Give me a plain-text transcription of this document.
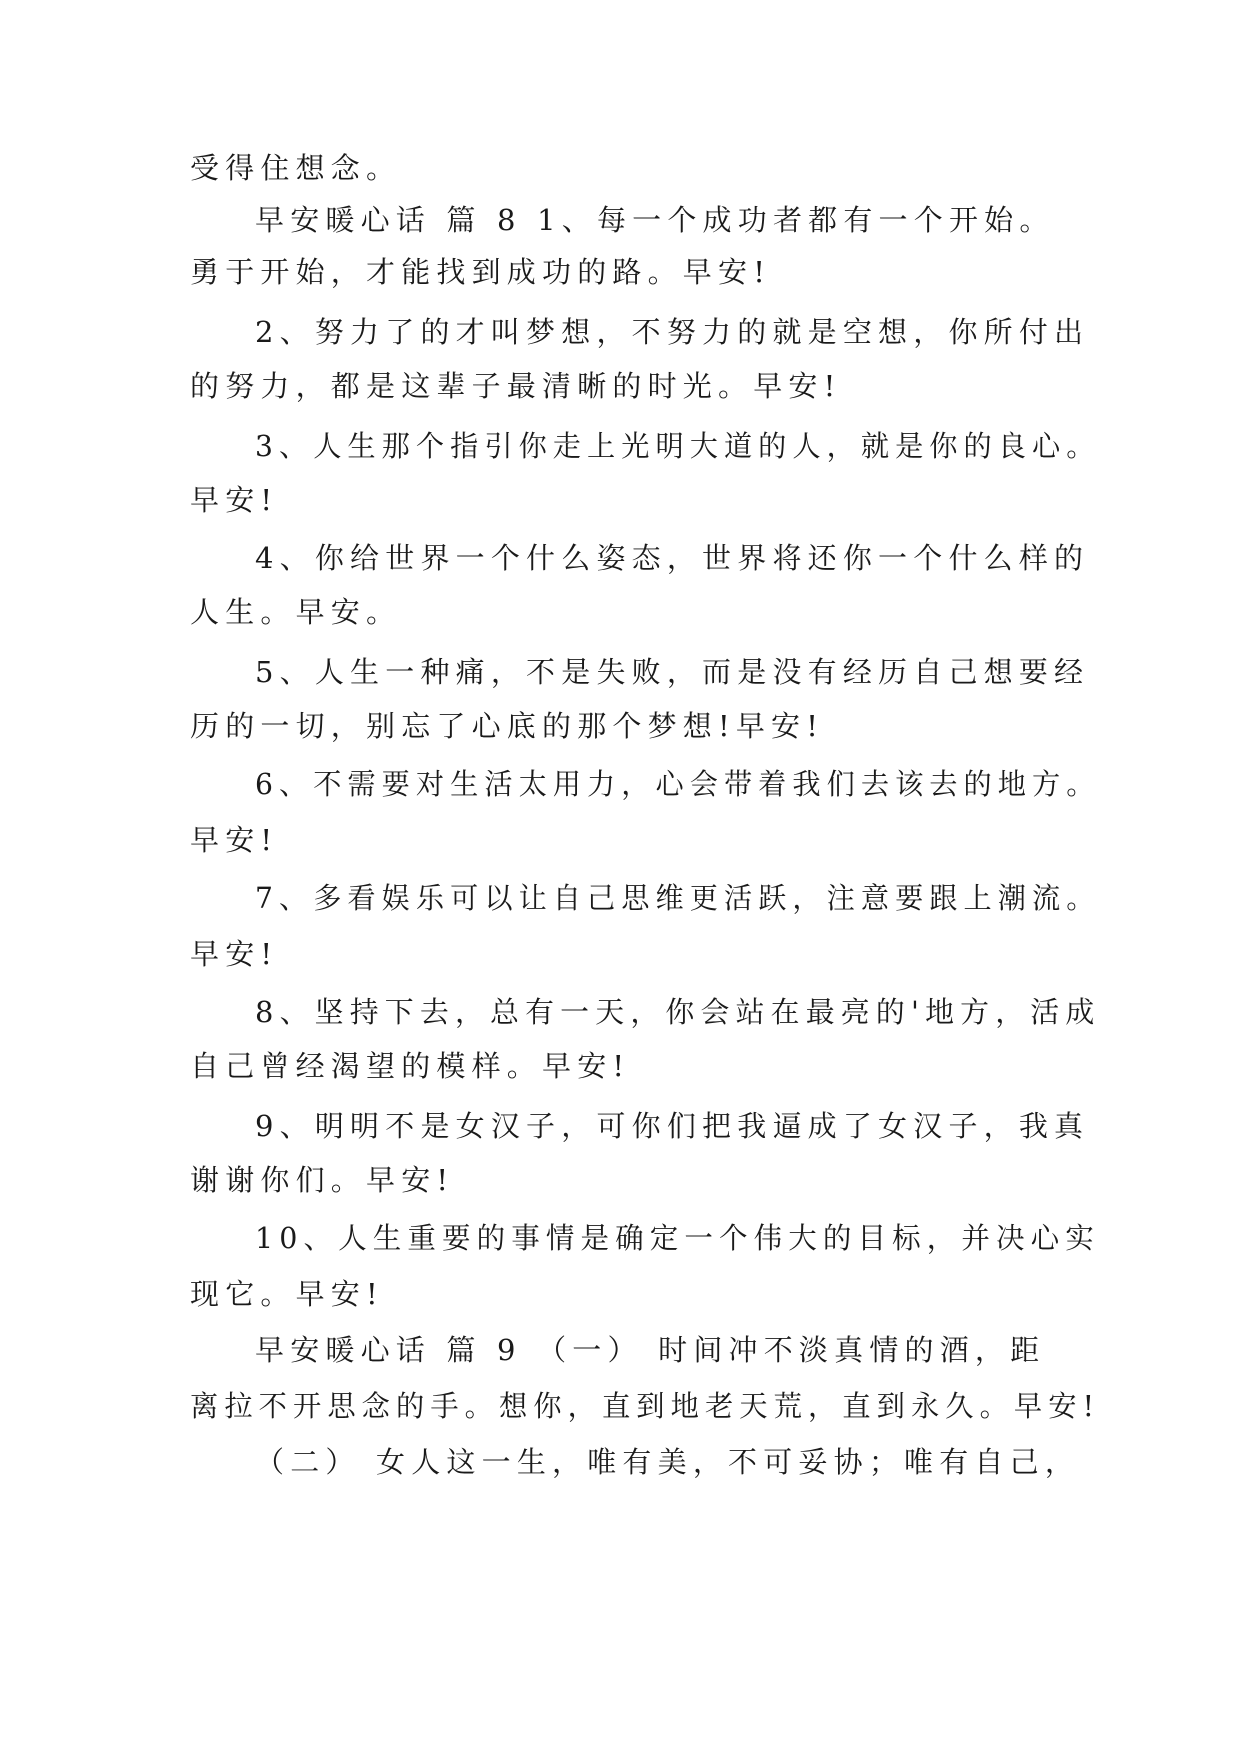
受得住想念。
早安暖心话 篇 8 1、每一个成功者都有一个开始。
勇于开始，才能找到成功的路。早安!
2、努力了的才叫梦想，不努力的就是空想，你所付出
的努力，都是这辈子最清晰的时光。早安!
3、人生那个指引你走上光明大道的人，就是你的良心。
早安!
4、你给世界一个什么姿态，世界将还你一个什么样的
人生。早安。
5、人生一种痛，不是失败，而是没有经历自己想要经
历的一切，别忘了心底的那个梦想!早安!
6、不需要对生活太用力，心会带着我们去该去的地方。
早安!
7、多看娱乐可以让自己思维更活跃，注意要跟上潮流。
早安!
8、坚持下去，总有一天，你会站在最亮的'地方，活成
自己曾经渴望的模样。早安!
9、明明不是女汉子，可你们把我逼成了女汉子，我真
谢谢你们。早安!
10、人生重要的事情是确定一个伟大的目标，并决心实
现它。早安!
早安暖心话 篇 9 （一） 时间冲不淡真情的酒，距
离拉不开思念的手。想你，直到地老天荒，直到永久。早安!
（二） 女人这一生，唯有美，不可妥协；唯有自己，
